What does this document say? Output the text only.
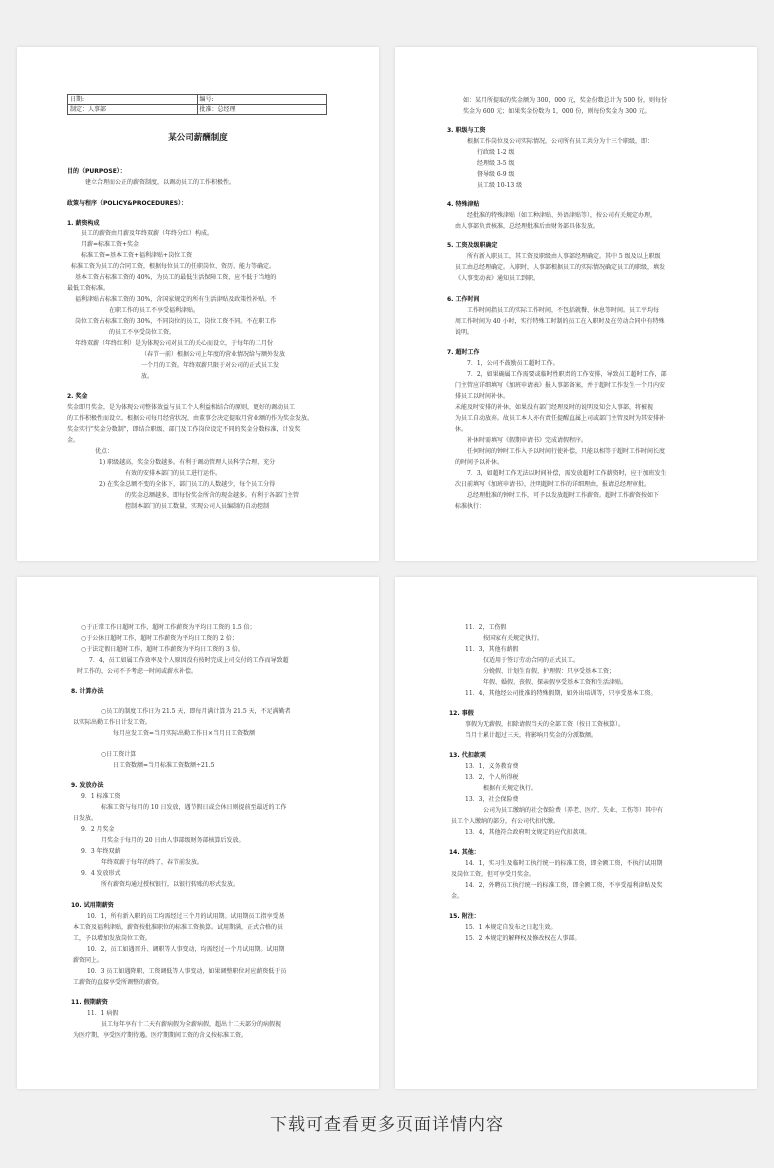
日期:	编号:
制定：人事部	批准：总经理
某公司薪酬制度
目的（PURPOSE）：
建立合理而公正的薪资制度，以调动员工的工作积极性。
政策与程序（POLICY&PROCEDURES）：
1. 薪资构成
员工的薪资由月薪及年终双薪（年终分红）构成。
月薪=标准工资+奖金
标准工资=基本工资+福利津贴+岗位工资
标准工资为员工的合同工资，根据每位员工的任职岗位、资历、能力等确定。
基本工资占标准工资的 40%，为员工的最低生活保障工资，应不低于当地的
最低工资标准。
福利津贴占标准工资的 30%，含国家规定的所有生活津贴及政策性补贴。不
在职工作的员工不享受福利津贴。
岗位工资占标准工资的 30%，不同岗位的员工，岗位工资不同。不在职工作
的员工不享受岗位工资。
年终双薪（年终红利）是为体现公司对员工的关心而设立，于每年的二月份
（春节一前）根据公司上年度的营业情况给与额外发放
一个月的工资。年终双薪只限于对公司的正式员工发
放。
2. 奖金
奖金即月奖金，是为体现公司整体效益与员工个人利益相结合的原则，更好的调动员工
的工作积极性而设立。根据公司每月经营状况，由董事会决定提取月营业额的作为奖金发放。
奖金实行"奖金分数制"，即结合职级、部门及工作岗位设定不同的奖金分数标准，计发奖
金。
优点：
1) 职级越高，奖金分数越多。有利于调动管理人员科学合理、充分
有效的安排本部门的员工进行运作。
2) 在奖金总额不变的全体下，部门员工的人数越少，每个员工分得
的奖金总额越多，即每份奖金所含的现金越多。有利于各部门主管
控制本部门的员工数量，实现公司人员编制的自动控制
如：某月所提取的奖金额为 300，000 元，奖金份数总计为 500 份，则每份
奖金为 600 元；如果奖金份数为 1，000 份，则每份奖金为 300 元。
3. 职级与工资
根据工作岗位及公司实际情况，公司所有员工共分为十三个职级，即：
行政级 1-2 级
经理级 3-5 级
督导级 6-9 级
员工级 10-13 级
4. 特殊津贴
经批准的特殊津贴（如工种津贴、外语津贴等），按公司有关规定办理，
由人事部负责核准，总经理批准后由财务部具体发放。
5. 工资及级职确定
所有新入职员工，其工资及职级由人事部经理确定。其中 5 级及以上职级
员工由总经理确定。入职时，人事部根据员工的实际情况确定员工的职级，填发
《人事变动表》通知员工到职。
6. 工作时间
工作时间指员工的实际工作时间，不包括就餐、休息等时间。员工平均每
周工作时间为 40 小时，实行特殊工时制的员工在入职时及在劳动合同中有特殊
说明。
7. 超时工作
7．1，公司不鼓励员工超时工作。
7．2，如果确属工作需要或临时性职责的工作安排，导致员工超时工作，部
门主管应详细填写《加班申请表》报人事部备案，并于超时工作发生一个月内安
排员工以时间补休。
未能及时安排的补休，如果没有部门经理及时的说明及知会人事部，将被视
为员工自动放弃。故员工本人亦有责任提醒直属上司或部门主管及时为其安排补
休。
补休时需填写《假期申请书》完成请假程序。
任何时间的钟时工作入予以时间行使补偿，只能以相等于超时工作时间长度
的时间予以补休。
7．3，如超时工作无法以时间补偿，需发放超时工作薪资时，应于加班发生
次日前填写《加班申请书》，注明超时工作的详细理由，报请总经理审批。
总经理批准的钟时工作，可予以发放超时工作薪资。超时工作薪资按如下
标准执行：
○于正常工作日超时工作，超时工作薪资为平均日工资的 1.5 倍；
○于公休日超时工作，超时工作薪资为平均日工资的 2 倍；
○于法定假日超时工作，超时工作薪资为平均日工资的 3 倍。
7．4，员工如属工作效率及个人原因没有按时完成上司交付的工作而导致超
时工作的，公司不予考虑一时间或薪水补偿。
8. 计算办法
○员工的制度工作日为 21.5 天，即每月满计算为 21.5 天，不足满勤者
以实际出勤工作日计发工资。
每月应发工资=当月实际出勤工作日×当月日工资数额
○日工资计算
日工资数额=当月标准工资数额÷21.5
9. 发放办法
9．1 标准工资
标准工资与每月的 10 日发放，遇节假日或会休日则提前至最近的工作
日发放。
9．2 月奖金
月奖金于每月的 20 日由人事部级财务部核算后发放。
9．3 年终双薪
年终双薪于每年的终了，春节前发放。
9．4 发放形式
所有薪资均通过授权银行，以银行转账的形式发放。
10. 试用期薪资
10．1，所有新入职的员工均需经过三个月的试用期。试用期员工指享受基
本工资及福利津贴，薪资按批准职位的标准工资换算。试用期满，正式合格的员
工，予以增加发放岗位工资。
10．2，员工如遇晋升、调职等人事变动，均需经过一个月试用期。试用期
薪资同上。
10．3 员工如遇降职、工资调低等人事变动，如果调整职位对应薪资低于员
工薪资的直接享受所调整的薪资。
11. 假期薪资
11．1 病假
员工每年享有十二天有薪病假为全薪病假，超出十二天部分的病假视
为医疗期，享受医疗期待遇。医疗期期间工资的含义按标准工资。
11．2，工伤假
按国家有关规定执行。
11．3，其他有薪假
仅适用于签订劳动合同的正式员工。
分娩假、计划生育假、护理假：只享受基本工资；
年假、婚假、丧假、探亲假享受基本工资和生活津贴。
11．4，其他经公司批准的特殊假期，如外出培训等，只享受基本工资。
12. 事假
事假为无薪假，扣除请假当天的全部工资（按日工资核算）。
当月十累计超过三天，将影响月奖金的分派数额。
13. 代扣款项
13．1，义务教育费
13．2，个人所得税
根据有关规定执行。
13．3，社会保险费
公司为员工缴纳的社会保险费（养老、医疗、失业、工伤等）其中有
员工个人缴纳的部分，有公司代扣代缴。
13．4，其他符合政府明文规定的应代扣款项。
14. 其他：
14．1，实习生及临时工执行统一的标准工资，即全额工资，不执行试用期
及岗位工资，但可享受月奖金。
14．2，外聘员工执行统一的标准工资，即全额工资，不享受福利津贴及奖
金。
15. 附注：
15．1 本规定自发布之日起生效。
15．2 本规定的解释权及修改权在人事部。
下载可查看更多页面详情内容
